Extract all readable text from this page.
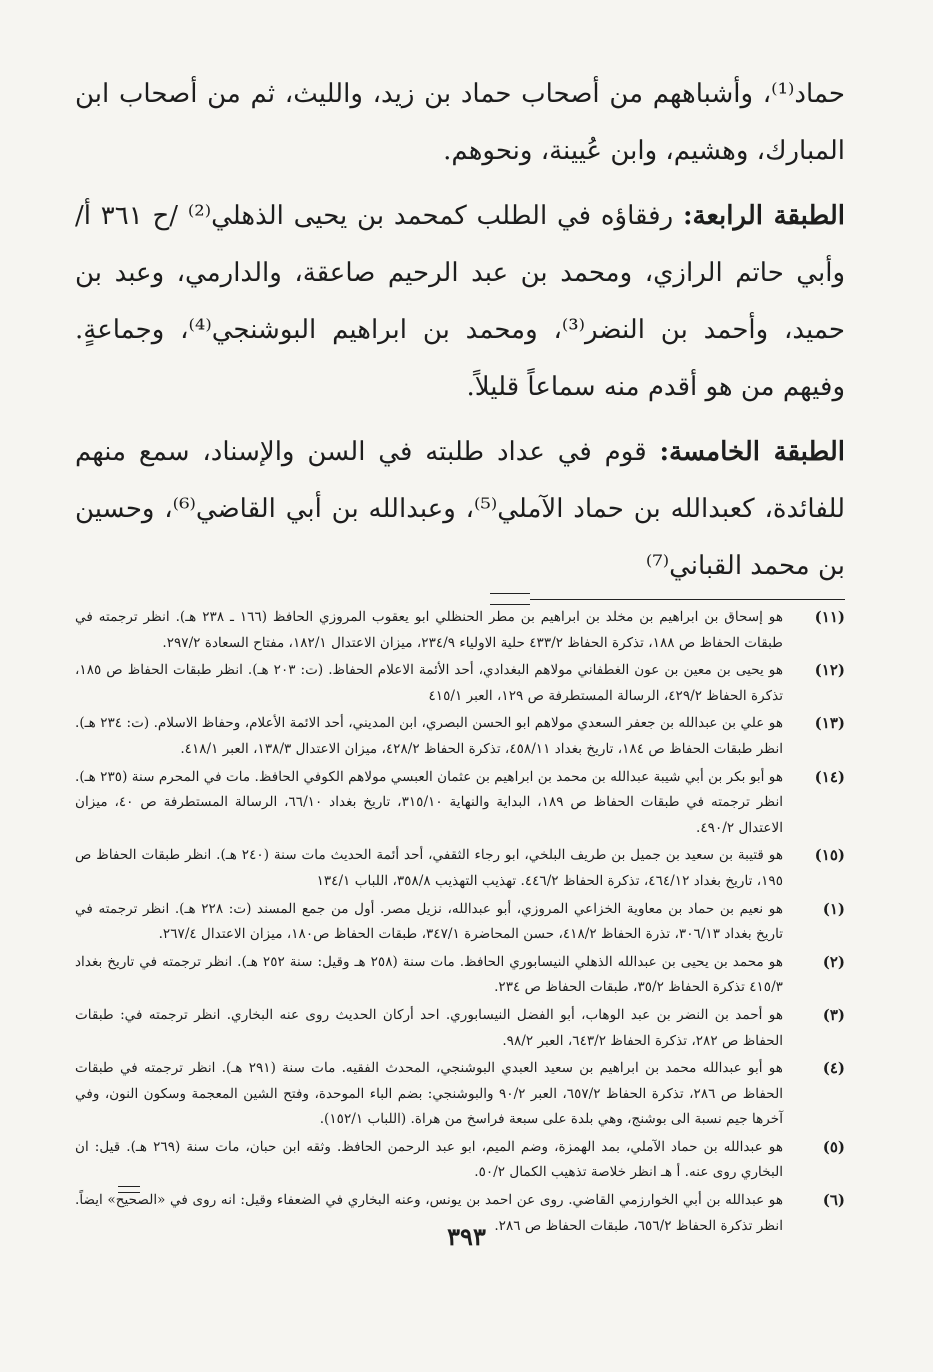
حماد⁽¹⁾، وأشباههم من أصحاب حماد بن زيد، والليث، ثم من أصحاب ابن المبارك، وهشيم، وابن عُيينة، ونحوهم.

الطبقة الرابعة: رفقاؤه في الطلب كمحمد بن يحيى الذهلي⁽²⁾ /ح ٣٦١ أ/ وأبي حاتم الرازي، ومحمد بن عبد الرحيم صاعقة، والدارمي، وعبد بن حميد، وأحمد بن النضر⁽³⁾، ومحمد بن ابراهيم البوشنجي⁽⁴⁾، وجماعةٍ. وفيهم من هو أقدم منه سماعاً قليلاً.

الطبقة الخامسة: قوم في عداد طلبته في السن والإسناد، سمع منهم للفائدة، كعبدالله بن حماد الآملي⁽⁵⁾، وعبدالله بن أبي القاضي⁽⁶⁾، وحسين بن محمد القباني⁽⁷⁾

(١١)
هو إسحاق بن ابراهيم بن مخلد بن ابراهيم بن مطر الحنظلي ابو يعقوب المروزي الحافظ (١٦٦ ـ ٢٣٨ هـ). انظر ترجمته في طبقات الحفاظ ص ١٨٨، تذكرة الحفاظ ٤٣٣/٢ حلية الاولياء ٢٣٤/٩، ميزان الاعتدال ١٨٢/١، مفتاح السعادة ٢٩٧/٢.
(١٢)
هو يحيى بن معين بن عون الغطفاني مولاهم البغدادي، أحد الأئمة الاعلام الحفاظ. (ت: ٢٠٣ هـ). انظر طبقات الحفاظ ص ١٨٥، تذكرة الحفاظ ٤٢٩/٢، الرسالة المستطرفة ص ١٢٩، العبر ٤١٥/١
(١٣)
هو علي بن عبدالله بن جعفر السعدي مولاهم ابو الحسن البصري، ابن المديني، أحد الائمة الأعلام، وحفاظ الاسلام. (ت: ٢٣٤ هـ). انظر طبقات الحفاظ ص ١٨٤، تاريخ بغداد ٤٥٨/١١، تذكرة الحفاظ ٤٢٨/٢، ميزان الاعتدال ١٣٨/٣، العبر ٤١٨/١.
(١٤)
هو أبو بكر بن أبي شيبة عبدالله بن محمد بن ابراهيم بن عثمان العبسي مولاهم الكوفي الحافظ. مات في المحرم سنة (٢٣٥ هـ). انظر ترجمته في طبقات الحفاظ ص ١٨٩، البداية والنهاية ٣١٥/١٠، تاريخ بغداد ٦٦/١٠، الرسالة المستطرفة ص ٤٠، ميزان الاعتدال ٤٩٠/٢.
(١٥)
هو قتيبة بن سعيد بن جميل بن طريف البلخي، ابو رجاء الثقفي، أحد أئمة الحديث مات سنة (٢٤٠ هـ). انظر طبقات الحفاظ ص ١٩٥، تاريخ بغداد ٤٦٤/١٢، تذكرة الحفاظ ٤٤٦/٢. تهذيب التهذيب ٣٥٨/٨، اللباب ١٣٤/١
(١)
هو نعيم بن حماد بن معاوية الخزاعي المروزي، أبو عبدالله، نزيل مصر. أول من جمع المسند (ت: ٢٢٨ هـ). انظر ترجمته في تاريخ بغداد ٣٠٦/١٣، تذرة الحفاظ ٤١٨/٢، حسن المحاضرة ٣٤٧/١، طبقات الحفاظ ص١٨٠، ميزان الاعتدال ٢٦٧/٤.
(٢)
هو محمد بن يحيى بن عبدالله الذهلي النيسابوري الحافظ. مات سنة (٢٥٨ هـ وقيل: سنة ٢٥٢ هـ). انظر ترجمته في تاريخ بغداد ٤١٥/٣ تذكرة الحفاظ ٣٥/٢، طبقات الحفاظ ص ٢٣٤.
(٣)
هو أحمد بن النضر بن عبد الوهاب، أبو الفضل النيسابوري. احد أركان الحديث روى عنه البخاري. انظر ترجمته في: طبقات الحفاظ ص ٢٨٢، تذكرة الحفاظ ٦٤٣/٢، العبر ٩٨/٢.
(٤)
هو أبو عبدالله محمد بن ابراهيم بن سعيد العبدي البوشنجي، المحدث الفقيه. مات سنة (٢٩١ هـ). انظر ترجمته في طبقات الحفاظ ص ٢٨٦، تذكرة الحفاظ ٦٥٧/٢، العبر ٩٠/٢ والبوشنجي: بضم الباء الموحدة، وفتح الشين المعجمة وسكون النون، وفي آخرها جيم نسبة الى بوشنج، وهي بلدة على سبعة فراسخ من هراة. (اللباب ١٥٢/١).
(٥)
هو عبدالله بن حماد الآملي، بمد الهمزة، وضم الميم، ابو عبد الرحمن الحافظ. وثقه ابن حبان، مات سنة (٢٦٩ هـ). قيل: ان البخاري روى عنه. أ هـ انظر خلاصة تذهيب الكمال ٥٠/٢.
(٦)
هو عبدالله بن أبي الخوارزمي القاضي. روى عن احمد بن يونس، وعنه البخاري في الضعفاء وقيل: انه روى في «الصحيح» ايضاً. انظر تذكرة الحفاظ ٦٥٦/٢، طبقات الحفاظ ص ٢٨٦.
٣٩٣
